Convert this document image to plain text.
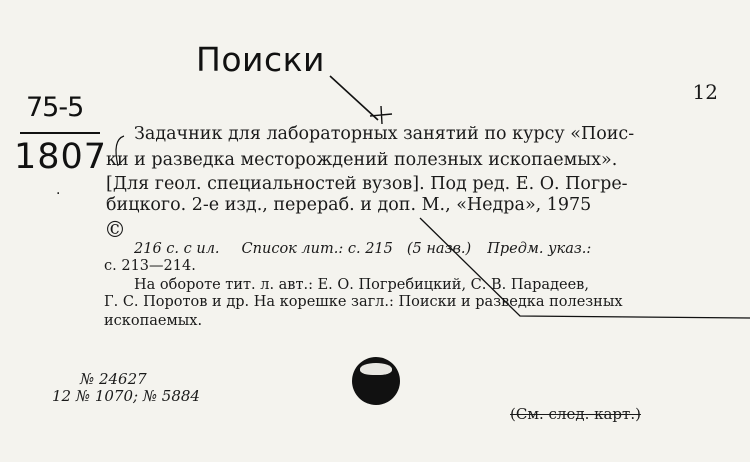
Поиски
75-5
1807
.
12
Задачник для лабораторных занятий по курсу «Поис-
ки и разведка месторождений полезных ископаемых».
[Для геол. специальностей вузов]. Под ред. Е. О. Погре-
бицкого. 2-е изд., перераб. и доп. М., «Недра», 1975
©
216 с. с ил. Список лит.: с. 215 (5 назв.) Предм. указ.:
с. 213—214.
На обороте тит. л. авт.: Е. О. Погребицкий, С. В. Парадеев,
Г. С. Поротов и др. На корешке загл.: Поиски и разведка полезных
ископаемых.
№ 24627
12 № 1070; № 5884
(См. след. карт.)
